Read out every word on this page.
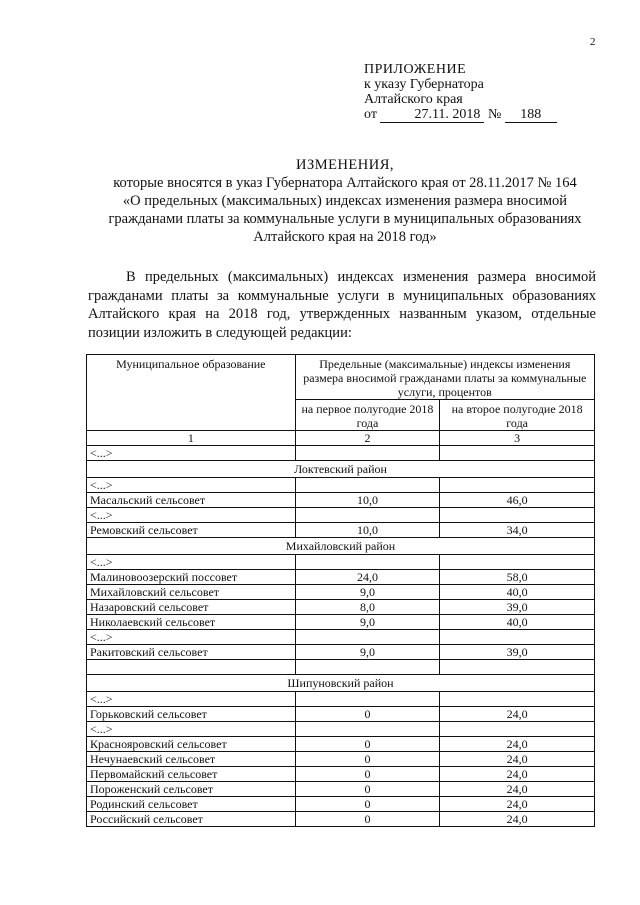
2
ПРИЛОЖЕНИЕ
к указу Губернатора
Алтайского края
от	27.11. 2018 № 188
ИЗМЕНЕНИЯ,
которые вносятся в указ Губернатора Алтайского края от 28.11.2017 № 164
«О предельных (максимальных) индексах изменения размера вносимой
гражданами платы за коммунальные услуги в муниципальных образованиях
Алтайского края на 2018 год»
В предельных (максимальных) индексах изменения размера вносимой
гражданами платы за коммунальные услуги в муниципальных образованиях
Алтайского края на 2018 год, утвержденных названным указом, отдельные
позиции изложить в следующей редакции:
Муниципальное образование	Предельные (максимальные) индексы изменения размера вносимой гражданами платы за коммунальные услуги, процентов	
	на первое полугодие 2018 года	на второе полугодие 2018 года
1	2	3
<...>		
Локтевский район		
<...>		
Масальский сельсовет	10,0	46,0
<...>		
Ремовский сельсовет	10,0	34,0
Михайловский район		
<...>		
Малиновоозерский поссовет	24,0	58,0
Михайловский сельсовет	9,0	40,0
Назаровский сельсовет	8,0	39,0
Николаевский сельсовет	9,0	40,0
<...>		
Ракитовский сельсовет	9,0	39,0

Шипуновский район		
<...>		
Горьковский сельсовет	0	24,0
<...>		
Краснояровский сельсовет	0	24,0
Нечунаевский сельсовет	0	24,0
Первомайский сельсовет	0	24,0
Пороженский сельсовет	0	24,0
Родинский сельсовет	0	24,0
Российский сельсовет	0	24,0
